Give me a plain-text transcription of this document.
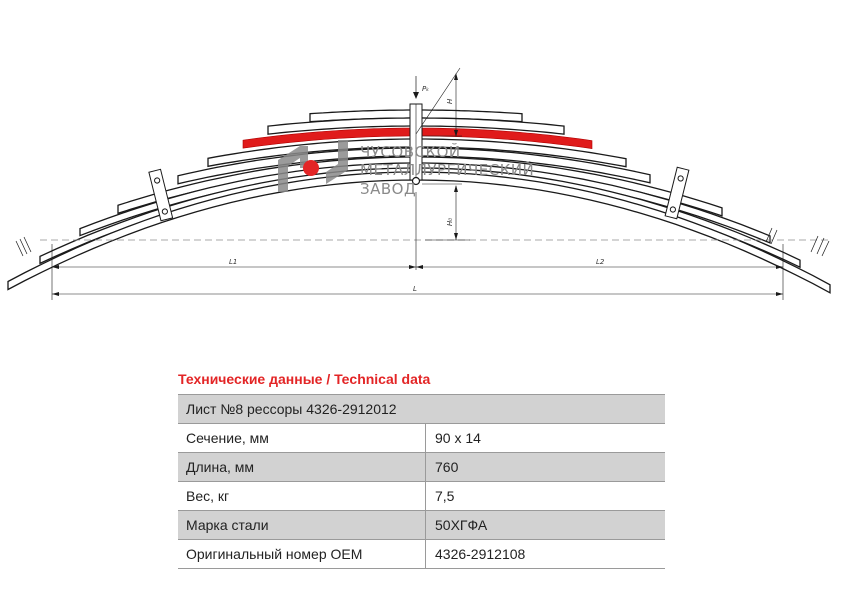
Pₖ
H
H₀
L1	L2
L
ЧУСОВСКОЙ
МЕТАЛЛУРГИЧЕСКИЙ
ЗАВОД
Технические данные / Technical data
Лист №8 рессоры 4326-2912012	
Сечение, мм	90 x 14
Длина, мм	760
Вес, кг	7,5
Марка стали	50ХГФА
Оригинальный номер ОЕМ	4326-2912108
